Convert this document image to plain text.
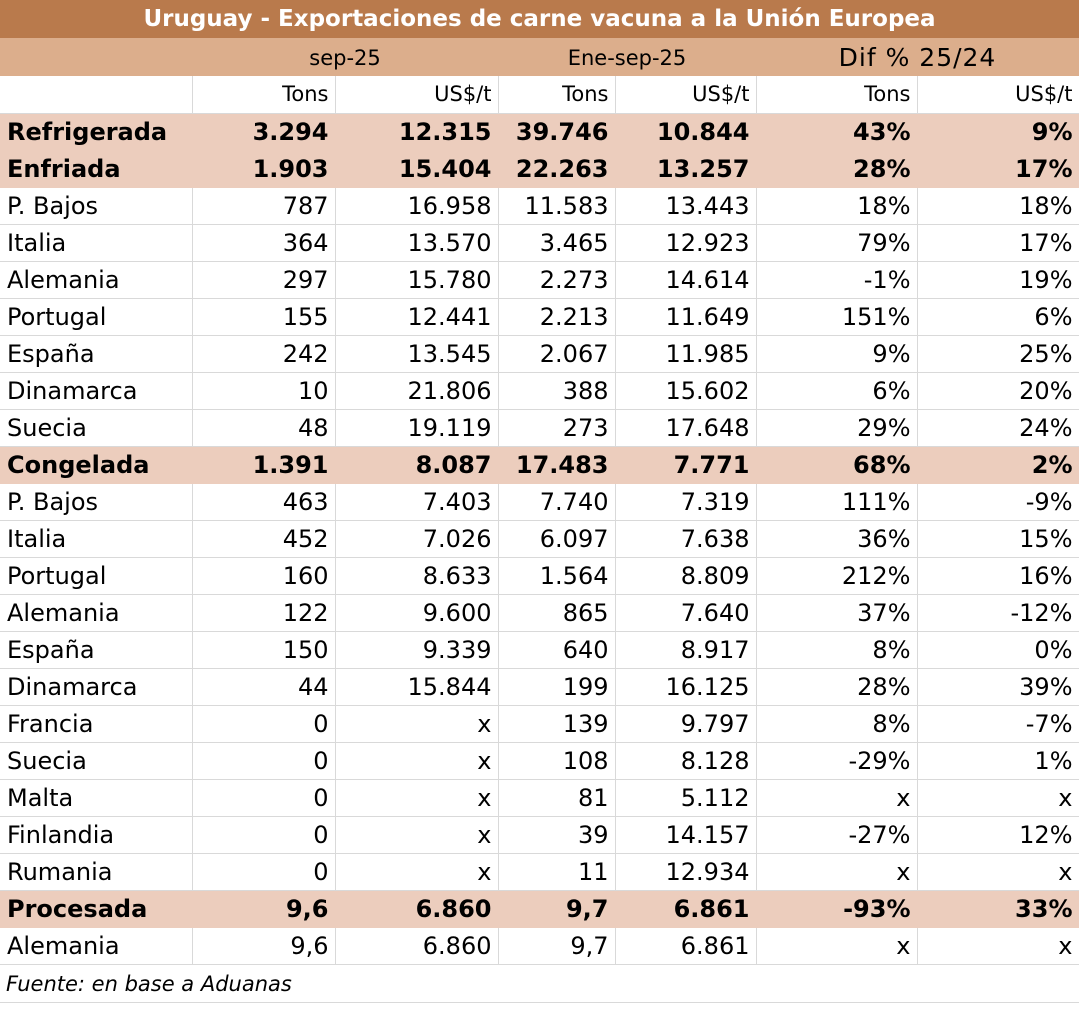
Uruguay - Exportaciones de carne vacuna a la Unión Europea
sep-25	Ene-sep-25	Dif % 25/24
	Tons	US$/t	Tons	US$/t	Tons	US$/t
Refrigerada	3.294	12.315	39.746	10.844	43%	9%
Enfriada	1.903	15.404	22.263	13.257	28%	17%
P. Bajos	787	16.958	11.583	13.443	18%	18%
Italia	364	13.570	3.465	12.923	79%	17%
Alemania	297	15.780	2.273	14.614	-1%	19%
Portugal	155	12.441	2.213	11.649	151%	6%
España	242	13.545	2.067	11.985	9%	25%
Dinamarca	10	21.806	388	15.602	6%	20%
Suecia	48	19.119	273	17.648	29%	24%
Congelada	1.391	8.087	17.483	7.771	68%	2%
P. Bajos	463	7.403	7.740	7.319	111%	-9%
Italia	452	7.026	6.097	7.638	36%	15%
Portugal	160	8.633	1.564	8.809	212%	16%
Alemania	122	9.600	865	7.640	37%	-12%
España	150	9.339	640	8.917	8%	0%
Dinamarca	44	15.844	199	16.125	28%	39%
Francia	0	x	139	9.797	8%	-7%
Suecia	0	x	108	8.128	-29%	1%
Malta	0	x	81	5.112	x	x
Finlandia	0	x	39	14.157	-27%	12%
Rumania	0	x	11	12.934	x	x
Procesada	9,6	6.860	9,7	6.861	-93%	33%
Alemania	9,6	6.860	9,7	6.861	x	x
Fuente: en base a Aduanas
